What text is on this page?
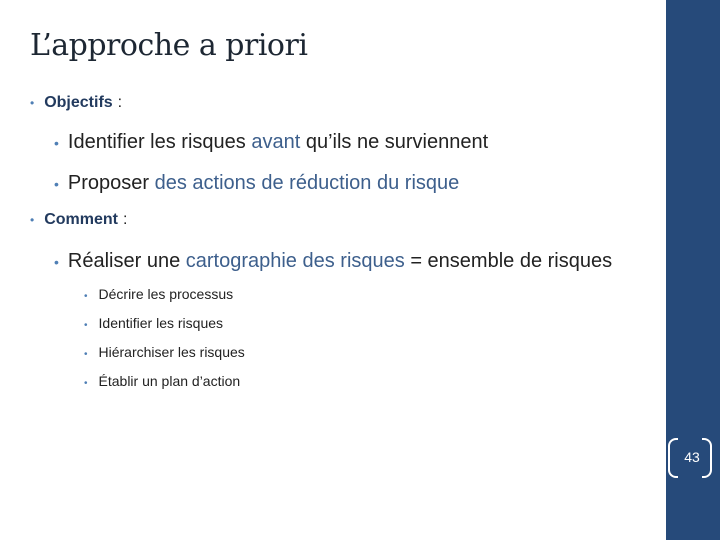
L’approche a priori
• Objectifs :
• Identifier les risques avant qu’ils ne surviennent
• Proposer des actions de réduction du risque
• Comment :
• Réaliser une cartographie des risques = ensemble de risques
• Décrire les processus
• Identifier les risques
• Hiérarchiser les risques
• Établir un plan d’action
43
